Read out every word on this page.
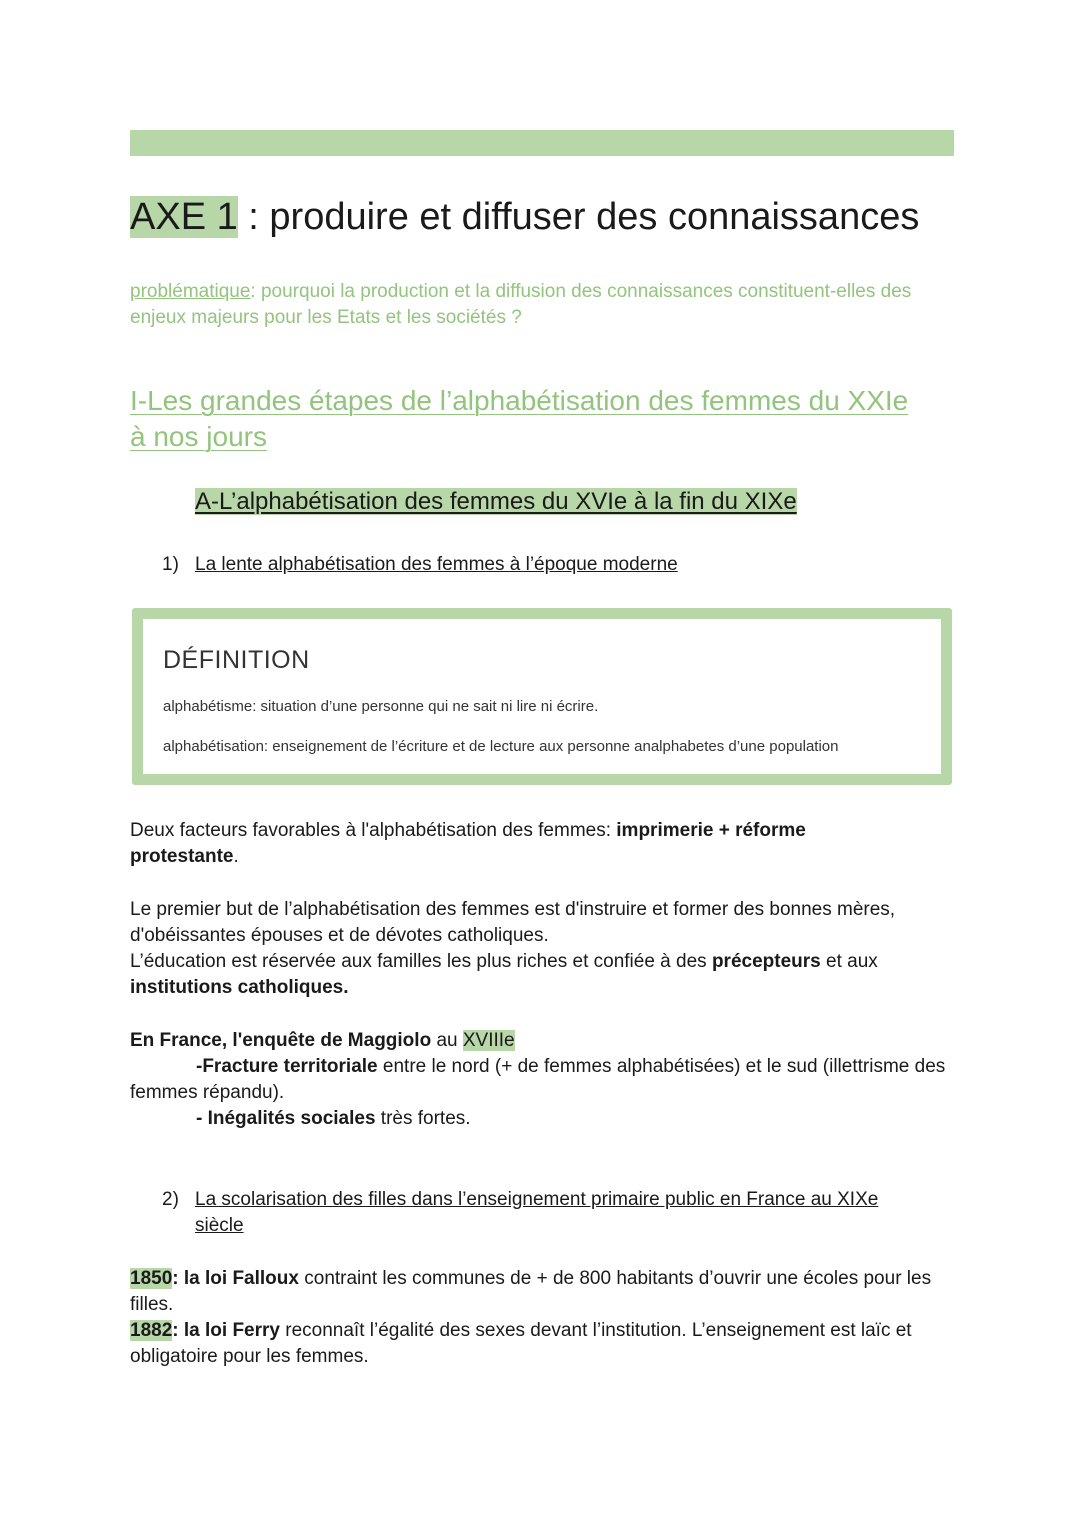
AXE 1 : produire et diffuser des connaissances
problématique: pourquoi la production et la diffusion des connaissances constituent-elles des enjeux majeurs pour les Etats et les sociétés ?
I-Les grandes étapes de l’alphabétisation des femmes du XXIe à nos jours
A-L’alphabétisation des femmes du XVIe à la fin du XIXe
1) La lente alphabétisation des femmes à l’époque moderne
DÉFINITION
alphabétisme: situation d’une personne qui ne sait ni lire ni écrire.
alphabétisation: enseignement de l’écriture et de lecture aux personne analphabetes d’une population

Deux facteurs favorables à l'alphabétisation des femmes: imprimerie + réforme protestante.

Le premier but de l’alphabétisation des femmes est d'instruire et former des bonnes mères, d'obéissantes épouses et de dévotes catholiques.
L’éducation est réservée aux familles les plus riches et confiée à des précepteurs et aux institutions catholiques.
En France, l'enquête de Maggiolo au XVIIIe
-Fracture territoriale entre le nord (+ de femmes alphabétisées) et le sud (illettrisme des femmes répandu).
- Inégalités sociales très fortes.
2) La scolarisation des filles dans l’enseignement primaire public en France au XIXe siècle
1850: la loi Falloux contraint les communes de + de 800 habitants d’ouvrir une écoles pour les filles.
1882: la loi Ferry reconnaît l’égalité des sexes devant l’institution. L’enseignement est laïc et obligatoire pour les femmes.
